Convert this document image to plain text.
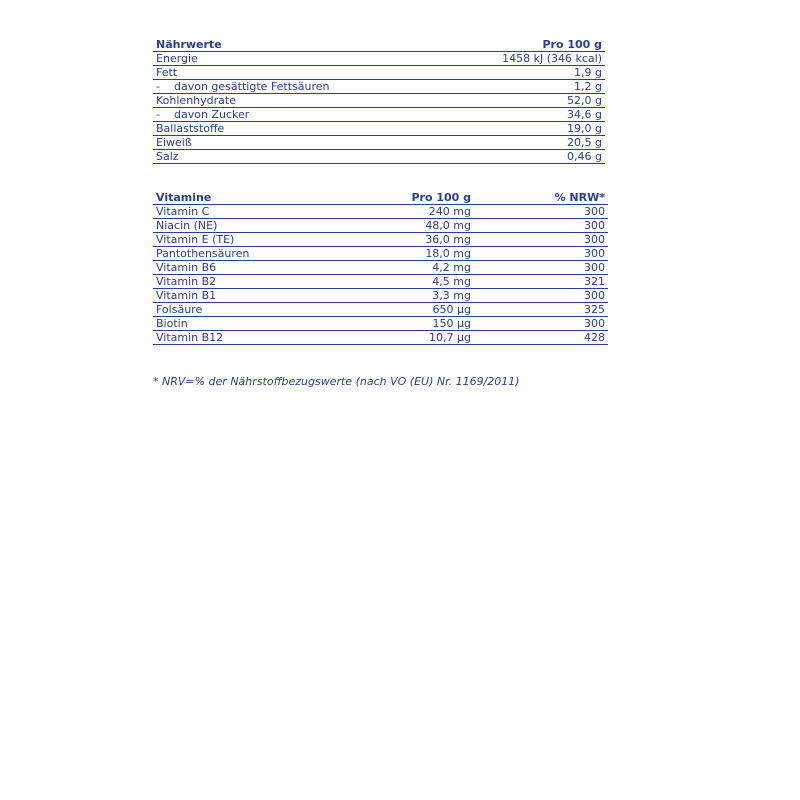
Nährwerte	Pro 100 g
Energie	1458 kJ (346 kcal)
Fett	1,9 g
- davon gesättigte Fettsäuren	1,2 g
Kohlenhydrate	52,0 g
- davon Zucker	34,6 g
Ballaststoffe	19,0 g
Eiweiß	20,5 g
Salz	0,46 g
Vitamine	Pro 100 g	% NRW*
Vitamin C	240 mg	300
Niacin (NE)	48,0 mg	300
Vitamin E (TE)	36,0 mg	300
Pantothensäuren	18,0 mg	300
Vitamin B6	4,2 mg	300
Vitamin B2	4,5 mg	321
Vitamin B1	3,3 mg	300
Folsäure	650 µg	325
Biotin	150 µg	300
Vitamin B12	10,7 µg	428
* NRV=% der Nährstoffbezugswerte (nach VO (EU) Nr. 1169/2011)
